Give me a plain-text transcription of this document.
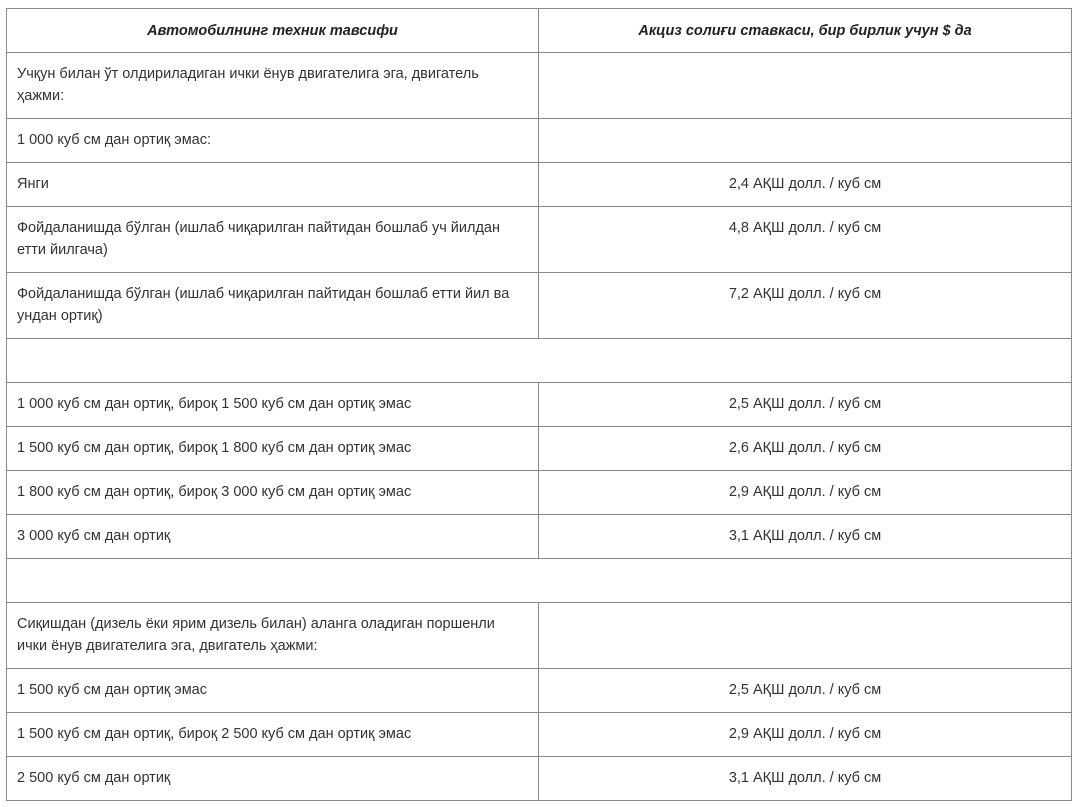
Автомобилнинг техник тавсифи	Акциз солиғи ставкаси, бир бирлик учун $ да
Учқун билан ўт олдириладиган ички ёнув двигателига эга, двигатель ҳажми:	
1 000 куб см дан ортиқ эмас:	
Янги	2,4 АҚШ долл. / куб см
Фойдаланишда бўлган (ишлаб чиқарилган пайтидан бошлаб уч йилдан етти йилгача)	4,8 АҚШ долл. / куб см
Фойдаланишда бўлган (ишлаб чиқарилган пайтидан бошлаб етти йил ва ундан ортиқ)	7,2 АҚШ долл. / куб см

1 000 куб см дан ортиқ, бироқ 1 500 куб см дан ортиқ эмас	2,5 АҚШ долл. / куб см
1 500 куб см дан ортиқ, бироқ 1 800 куб см дан ортиқ эмас	2,6 АҚШ долл. / куб см
1 800 куб см дан ортиқ, бироқ 3 000 куб см дан ортиқ эмас	2,9 АҚШ долл. / куб см
3 000 куб см дан ортиқ	3,1 АҚШ долл. / куб см

Сиқишдан (дизель ёки ярим дизель билан) алангa оладиган поршенли ички ёнув двигателига эга, двигатель ҳажми:	
1 500 куб см дан ортиқ эмас	2,5 АҚШ долл. / куб см
1 500 куб см дан ортиқ, бироқ 2 500 куб см дан ортиқ эмас	2,9 АҚШ долл. / куб см
2 500 куб см дан ортиқ	3,1 АҚШ долл. / куб см
